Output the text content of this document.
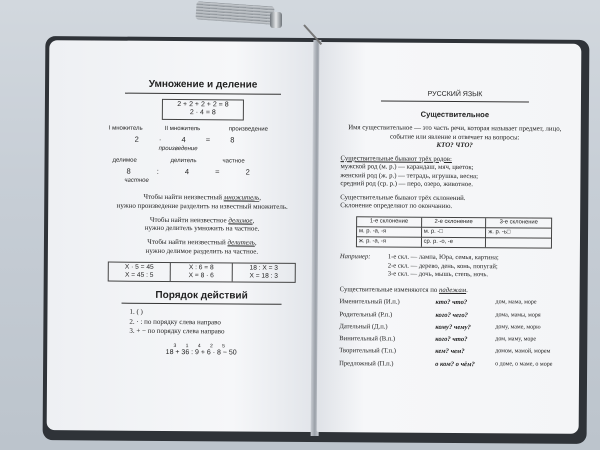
Умножение и деление
2 + 2 + 2 + 2 = 8
2 · 4 = 8
I множитель	II множитель	произведение
2 · 4 = 8
произведение
делимое	делитель	частное
8 : 4 = 2
частное
Чтобы найти неизвестный множитель,
нужно произведение разделить на известный множитель.
Чтобы найти неизвестное делимое,
нужно делитель умножить на частное.
Чтобы найти неизвестный делитель,
нужно делимое разделить на частное.
X · 5 = 45
X = 45 : 5
X : 6 = 8
X = 8 · 6
18 : X = 3
X = 18 : 3
Порядок действий
1. ( )
2. · : по порядку слева направо
3. + − по порядку слева направо
3 1 4 2 5
18 + 36 : 9 + 6 · 8 − 50
РУССКИЙ ЯЗЫК
Существительное

Имя существительное — это часть речи, которая называет предмет, лицо, событие или явление и отвечает на вопросы:
КТО? ЧТО?

Существительные бывают трёх родов:
мужской род (м. р.) — карандаш, мяч, цветок;
женский род (ж. р.) — тетрадь, игрушка, весна;
средний род (ср. р.) — перо, озеро, животное.

Существительные бывают трёх склонений.
Склонение определяют по окончанию.

1-е склонение	2-е склонение	3-е склонение
м. р. -а, -я	м. р. -□	ж. р. -ь□
ж. р. -а, -я	ср. р. -о, -е
Например:	1-е скл. — лампа, Юра, семья, картина;
2-е скл. — дерево, день, конь, попугай;
3-е скл. — дочь, мышь, степь, ночь.

Существительные изменяются по падежам.

Именительный (И.п.)	кто? что?	дом, мама, море
Родительный (Р.п.)	кого? чего?	дома, мамы, моря
Дательный (Д.п.)	кому? чему?	дому, маме, морю
Винительный (В.п.)	кого? что?	дом, маму, море
Творительный (Т.п.)	кем? чем?	домом, мамой, морем
Предложный (П.п.)	о ком? о чём?	о доме, о маме, о море
